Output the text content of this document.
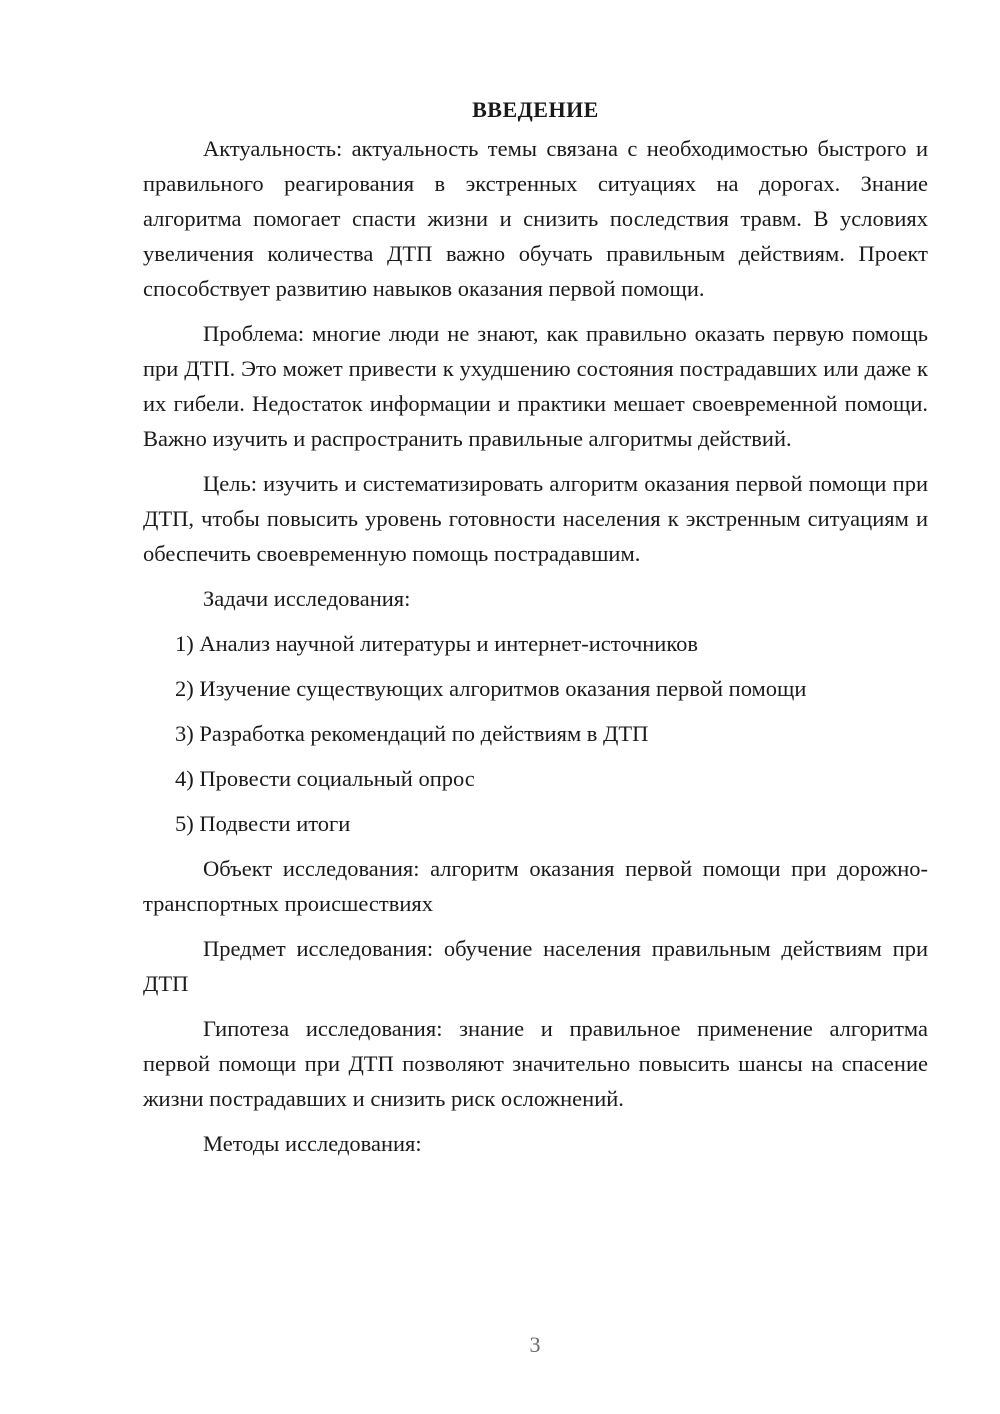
ВВЕДЕНИЕ

Актуальность: актуальность темы связана с необходимостью быстрого и правильного реагирования в экстренных ситуациях на дорогах. Знание алгоритма помогает спасти жизни и снизить последствия травм. В условиях увеличения количества ДТП важно обучать правильным действиям. Проект способствует развитию навыков оказания первой помощи.

Проблема: многие люди не знают, как правильно оказать первую помощь при ДТП. Это может привести к ухудшению состояния пострадавших или даже к их гибели. Недостаток информации и практики мешает своевременной помощи. Важно изучить и распространить правильные алгоритмы действий.

Цель: изучить и систематизировать алгоритм оказания первой помощи при ДТП, чтобы повысить уровень готовности населения к экстренным ситуациям и обеспечить своевременную помощь пострадавшим.

Задачи исследования:

1) Анализ научной литературы и интернет-источников
2) Изучение существующих алгоритмов оказания первой помощи
3) Разработка рекомендаций по действиям в ДТП
4) Провести социальный опрос
5) Подвести итоги

Объект исследования: алгоритм оказания первой помощи при дорожно-транспортных происшествиях

Предмет исследования: обучение населения правильным действиям при ДТП

Гипотеза исследования: знание и правильное применение алгоритма первой помощи при ДТП позволяют значительно повысить шансы на спасение жизни пострадавших и снизить риск осложнений.

Методы исследования:

3
